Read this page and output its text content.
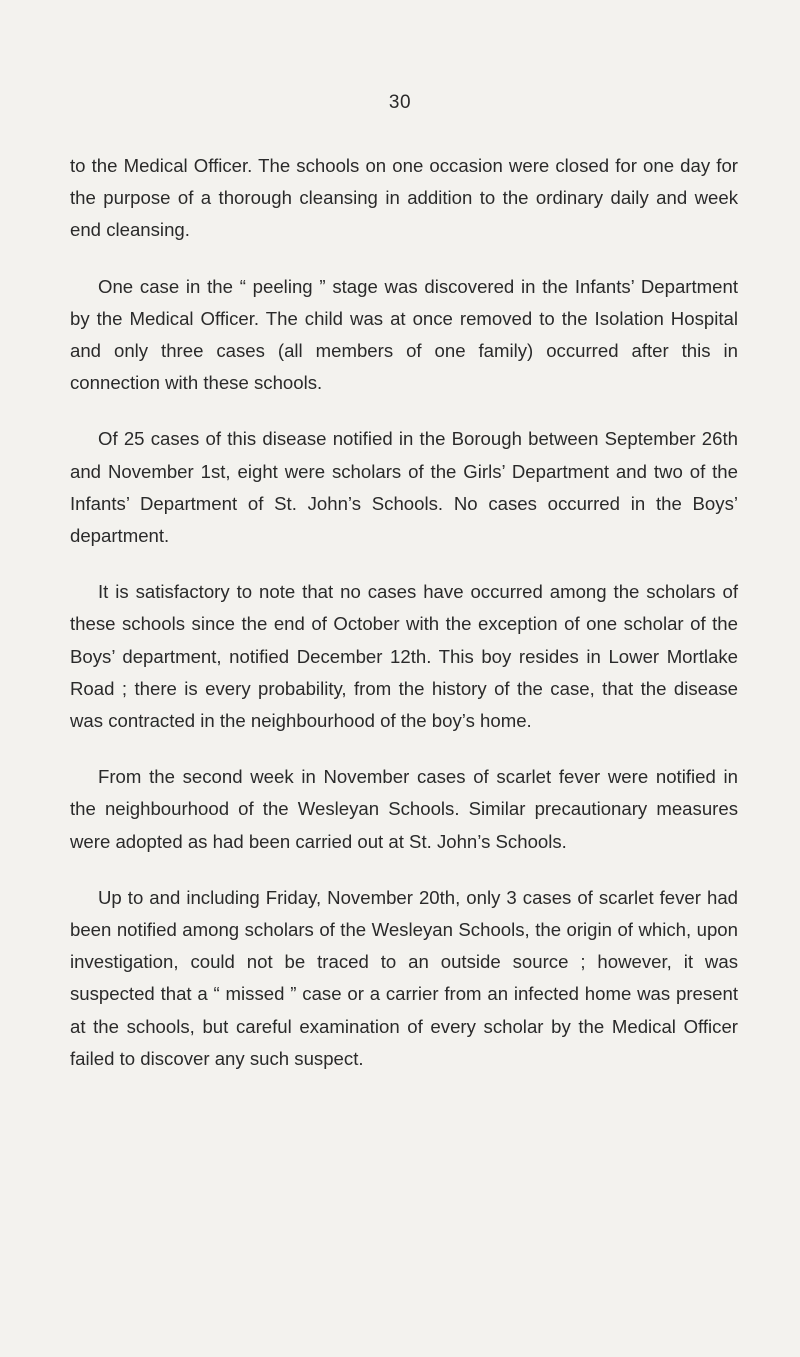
30

to the Medical Officer. The schools on one occasion were closed for one day for the purpose of a thorough cleansing in addition to the ordinary daily and week end cleansing.

One case in the “ peeling ” stage was discovered in the Infants’ Department by the Medical Officer. The child was at once removed to the Isolation Hospital and only three cases (all members of one family) occurred after this in connection with these schools.

Of 25 cases of this disease notified in the Borough between September 26th and November 1st, eight were scholars of the Girls’ Department and two of the Infants’ Department of St. John’s Schools. No cases occurred in the Boys’ department.

It is satisfactory to note that no cases have occurred among the scholars of these schools since the end of October with the exception of one scholar of the Boys’ department, notified December 12th. This boy resides in Lower Mortlake Road ; there is every probability, from the history of the case, that the disease was contracted in the neighbourhood of the boy’s home.

From the second week in November cases of scarlet fever were notified in the neighbourhood of the Wesleyan Schools. Similar precautionary measures were adopted as had been carried out at St. John’s Schools.

Up to and including Friday, November 20th, only 3 cases of scarlet fever had been notified among scholars of the Wesleyan Schools, the origin of which, upon investigation, could not be traced to an outside source ; however, it was suspected that a “ missed ” case or a carrier from an infected home was present at the schools, but careful examination of every scholar by the Medical Officer failed to discover any such suspect.
